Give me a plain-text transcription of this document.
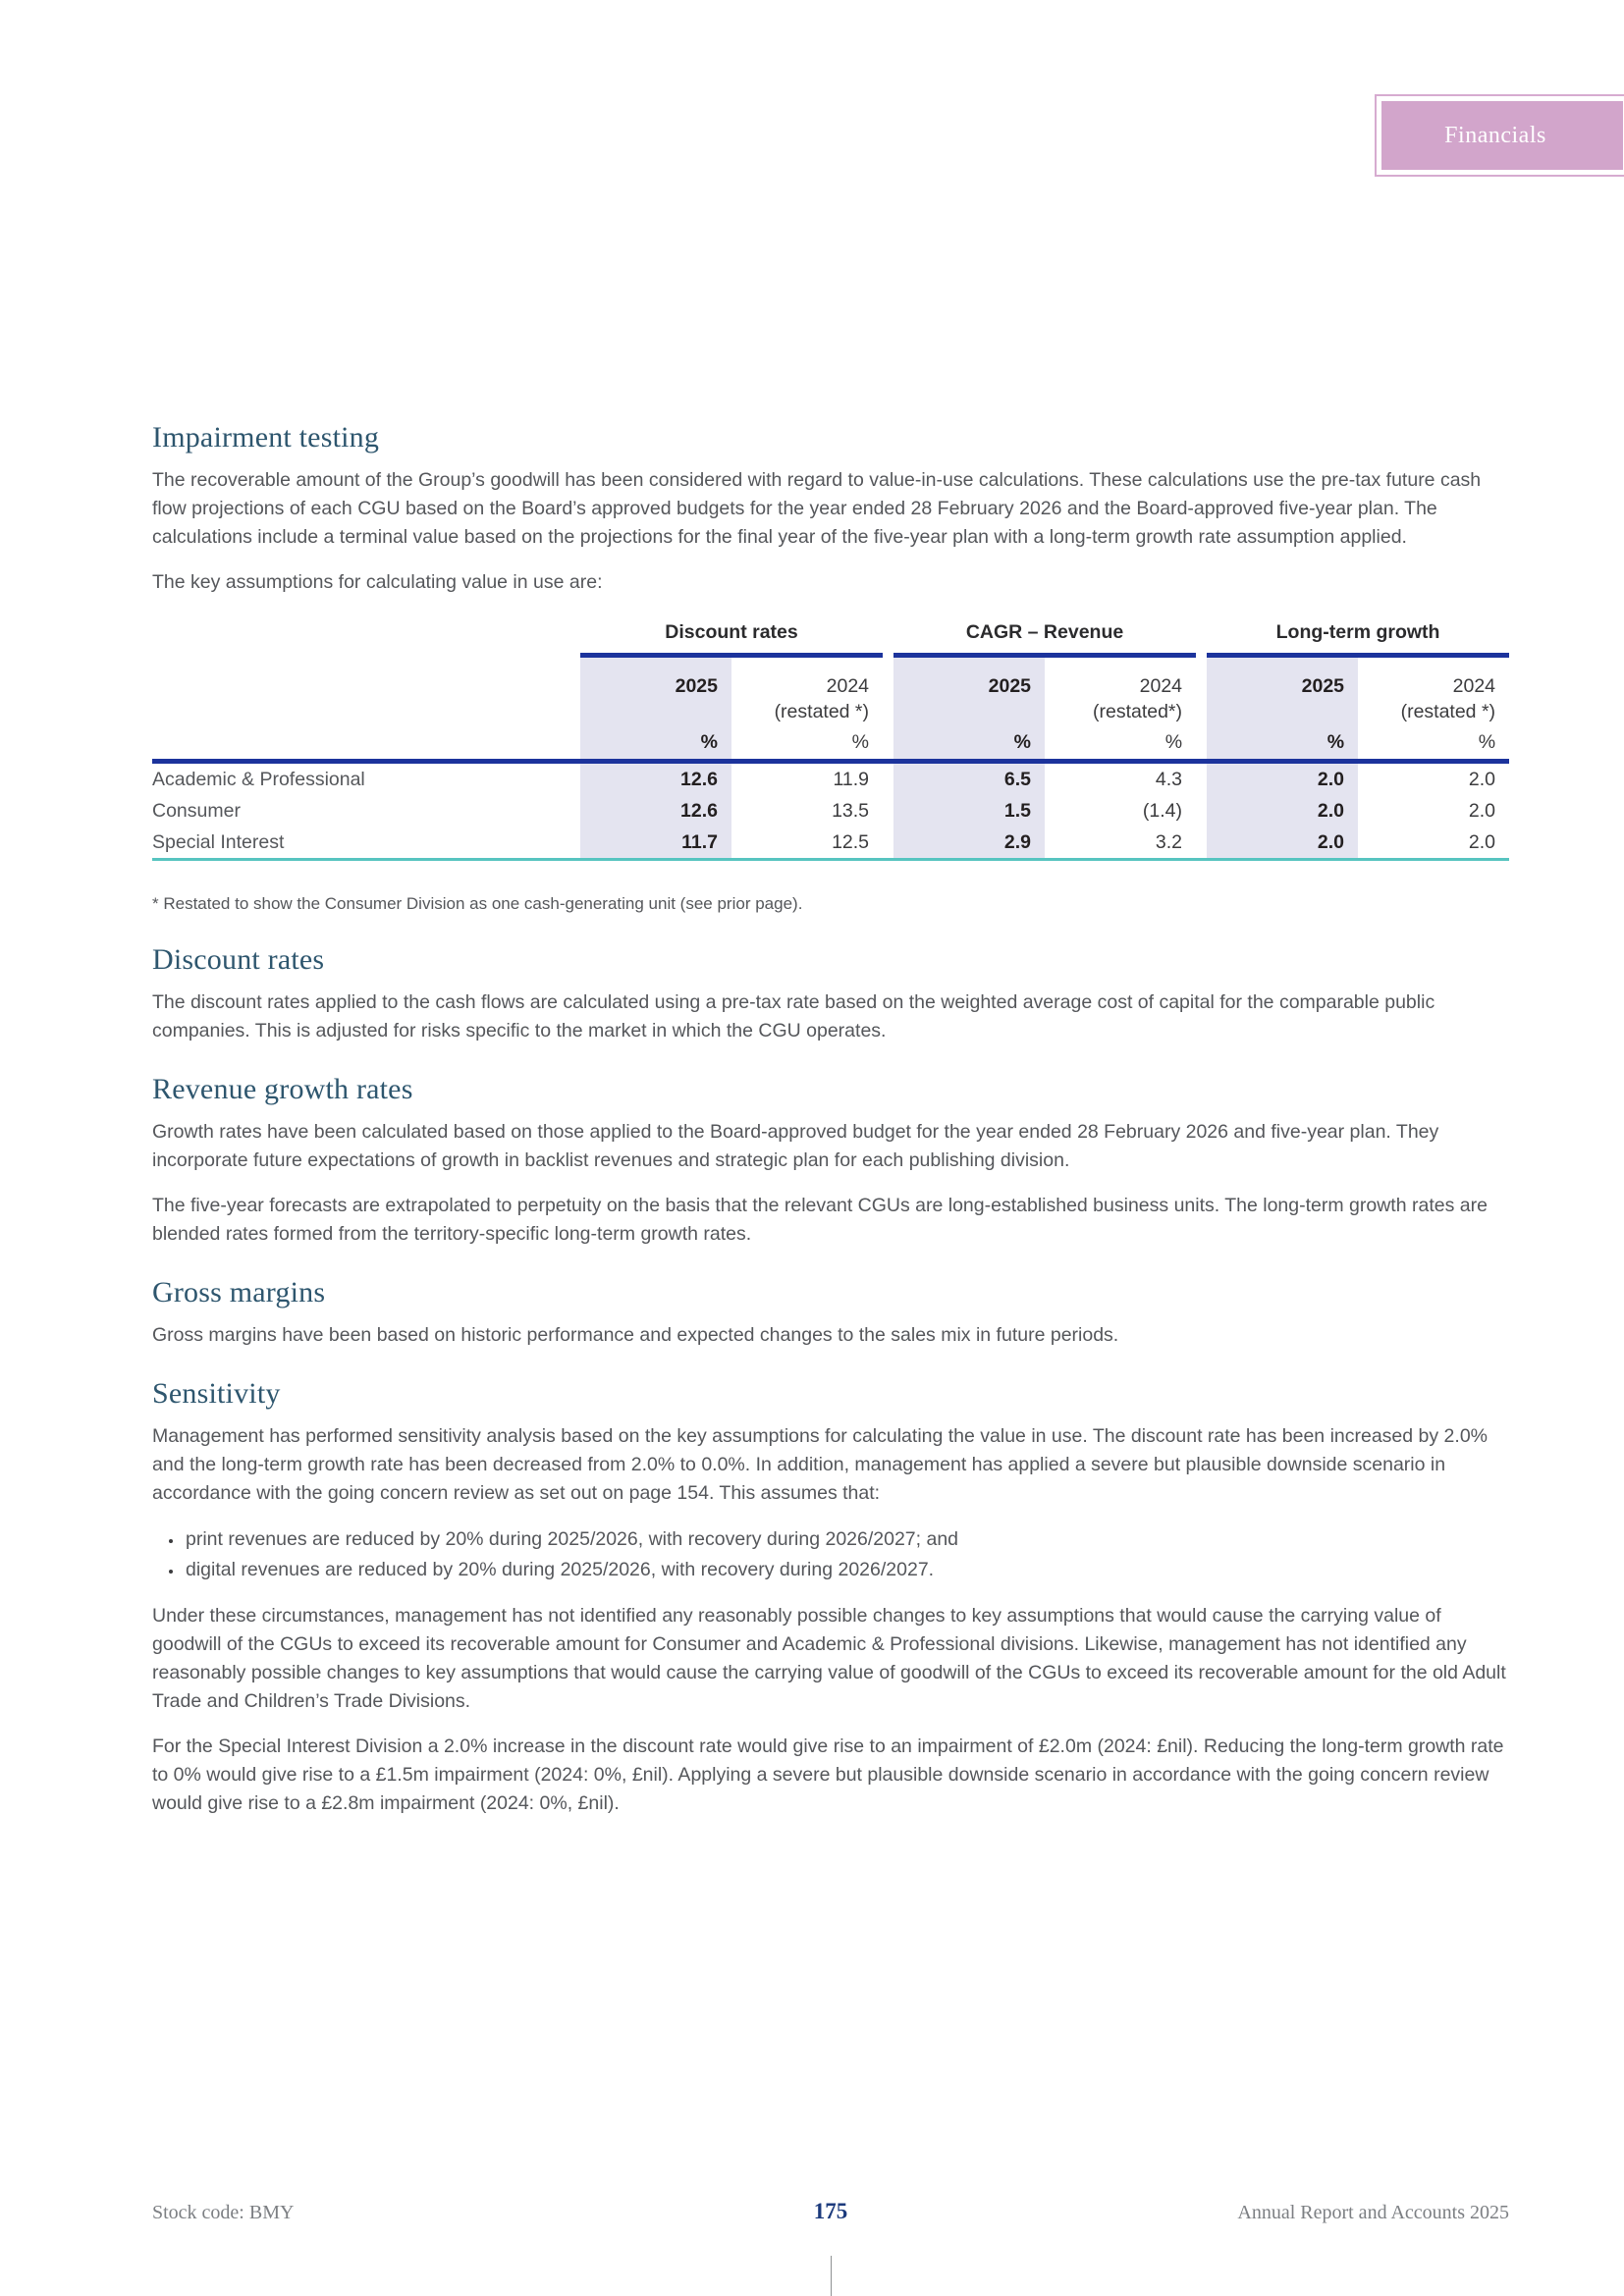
Financials
Impairment testing

The recoverable amount of the Group’s goodwill has been considered with regard to value-in-use calculations. These calculations use the pre-tax future cash flow projections of each CGU based on the Board’s approved budgets for the year ended 28 February 2026 and the Board-approved five-year plan. The calculations include a terminal value based on the projections for the final year of the five-year plan with a long-term growth rate assumption applied.

The key assumptions for calculating value in use are:

	Discount rates			CAGR – Revenue			Long-term growth	
	2025	2024		2025	2024		2025	2024
		(restated *)			(restated*)			(restated *)
	%	%		%	%		%	%
Academic & Professional	12.6	11.9		6.5	4.3		2.0	2.0
Consumer	12.6	13.5		1.5	(1.4)		2.0	2.0
Special Interest	11.7	12.5		2.9	3.2		2.0	2.0

* Restated to show the Consumer Division as one cash-generating unit (see prior page).

Discount rates

The discount rates applied to the cash flows are calculated using a pre-tax rate based on the weighted average cost of capital for the comparable public companies. This is adjusted for risks specific to the market in which the CGU operates.

Revenue growth rates

Growth rates have been calculated based on those applied to the Board-approved budget for the year ended 28 February 2026 and five-year plan. They incorporate future expectations of growth in backlist revenues and strategic plan for each publishing division.

The five-year forecasts are extrapolated to perpetuity on the basis that the relevant CGUs are long-established business units. The long-term growth rates are blended rates formed from the territory-specific long-term growth rates.

Gross margins

Gross margins have been based on historic performance and expected changes to the sales mix in future periods.

Sensitivity

Management has performed sensitivity analysis based on the key assumptions for calculating the value in use. The discount rate has been increased by 2.0% and the long-term growth rate has been decreased from 2.0% to 0.0%. In addition, management has applied a severe but plausible downside scenario in accordance with the going concern review as set out on page 154. This assumes that:

• print revenues are reduced by 20% during 2025/2026, with recovery during 2026/2027; and
• digital revenues are reduced by 20% during 2025/2026, with recovery during 2026/2027.

Under these circumstances, management has not identified any reasonably possible changes to key assumptions that would cause the carrying value of goodwill of the CGUs to exceed its recoverable amount for Consumer and Academic & Professional divisions. Likewise, management has not identified any reasonably possible changes to key assumptions that would cause the carrying value of goodwill of the CGUs to exceed its recoverable amount for the old Adult Trade and Children’s Trade Divisions.

For the Special Interest Division a 2.0% increase in the discount rate would give rise to an impairment of £2.0m (2024: £nil). Reducing the long-term growth rate to 0% would give rise to a £1.5m impairment (2024: 0%, £nil). Applying a severe but plausible downside scenario in accordance with the going concern review would give rise to a £2.8m impairment (2024: 0%, £nil).

Stock code: BMY	175	Annual Report and Accounts 2025
